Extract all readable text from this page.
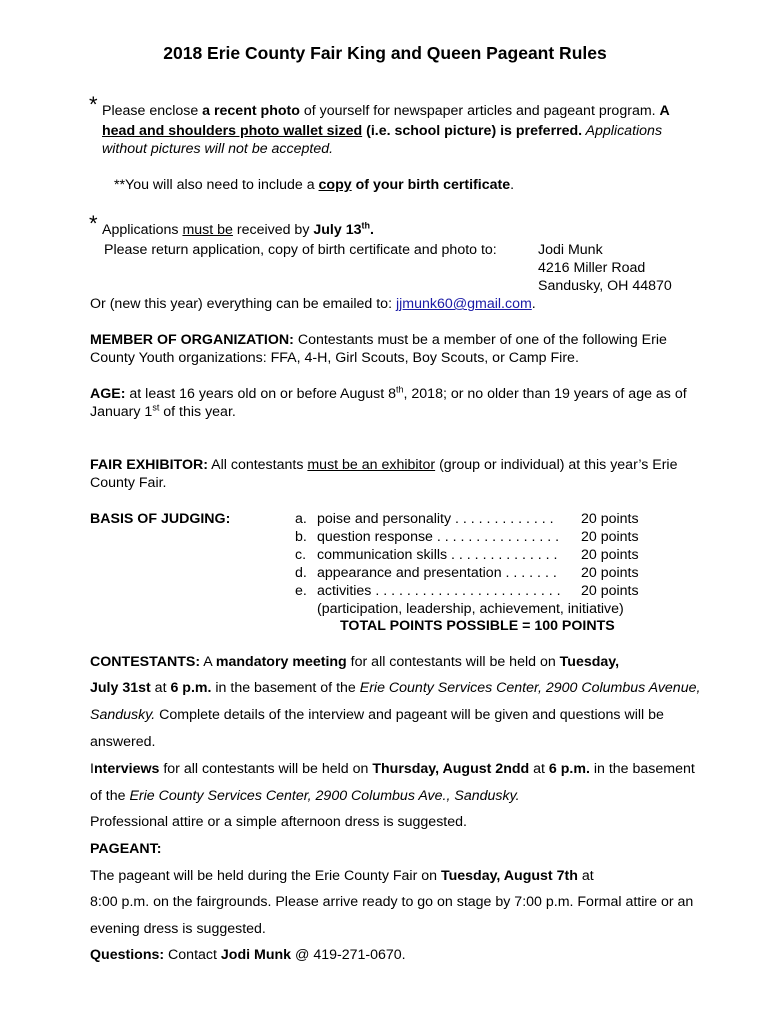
2018 Erie County Fair King and Queen Pageant Rules
* Please enclose a recent photo of yourself for newspaper articles and pageant program. A
head and shoulders photo wallet sized (i.e. school picture) is preferred. Applications
without pictures will not be accepted.
**You will also need to include a copy of your birth certificate.
* Applications must be received by July 13th.
Please return application, copy of birth certificate and photo to:	Jodi Munk
4216 Miller Road
Sandusky, OH 44870
Or (new this year) everything can be emailed to: jjmunk60@gmail.com.
MEMBER OF ORGANIZATION: Contestants must be a member of one of the following Erie
County Youth organizations: FFA, 4-H, Girl Scouts, Boy Scouts, or Camp Fire.
AGE: at least 16 years old on or before August 8th, 2018; or no older than 19 years of age as of
January 1st of this year.
FAIR EXHIBITOR: All contestants must be an exhibitor (group or individual) at this year’s Erie
County Fair.
BASIS OF JUDGING:	a. poise and personality . . . . . . . . . . . . . 20 points
b. question response . . . . . . . . . . . . . . . . 20 points
c. communication skills . . . . . . . . . . . . . . 20 points
d. appearance and presentation . . . . . . . 20 points
e. activities . . . . . . . . . . . . . . . . . . . . . . . . 20 points
(participation, leadership, achievement, initiative)
TOTAL POINTS POSSIBLE = 100 POINTS
CONTESTANTS: A mandatory meeting for all contestants will be held on Tuesday,
July 31st at 6 p.m. in the basement of the Erie County Services Center, 2900 Columbus Avenue,
Sandusky. Complete details of the interview and pageant will be given and questions will be
answered.
Interviews for all contestants will be held on Thursday, August 2ndd at 6 p.m. in the basement
of the Erie County Services Center, 2900 Columbus Ave., Sandusky.
Professional attire or a simple afternoon dress is suggested.
PAGEANT:
The pageant will be held during the Erie County Fair on Tuesday, August 7th at
8:00 p.m. on the fairgrounds. Please arrive ready to go on stage by 7:00 p.m. Formal attire or an
evening dress is suggested.
Questions: Contact Jodi Munk @ 419-271-0670.
